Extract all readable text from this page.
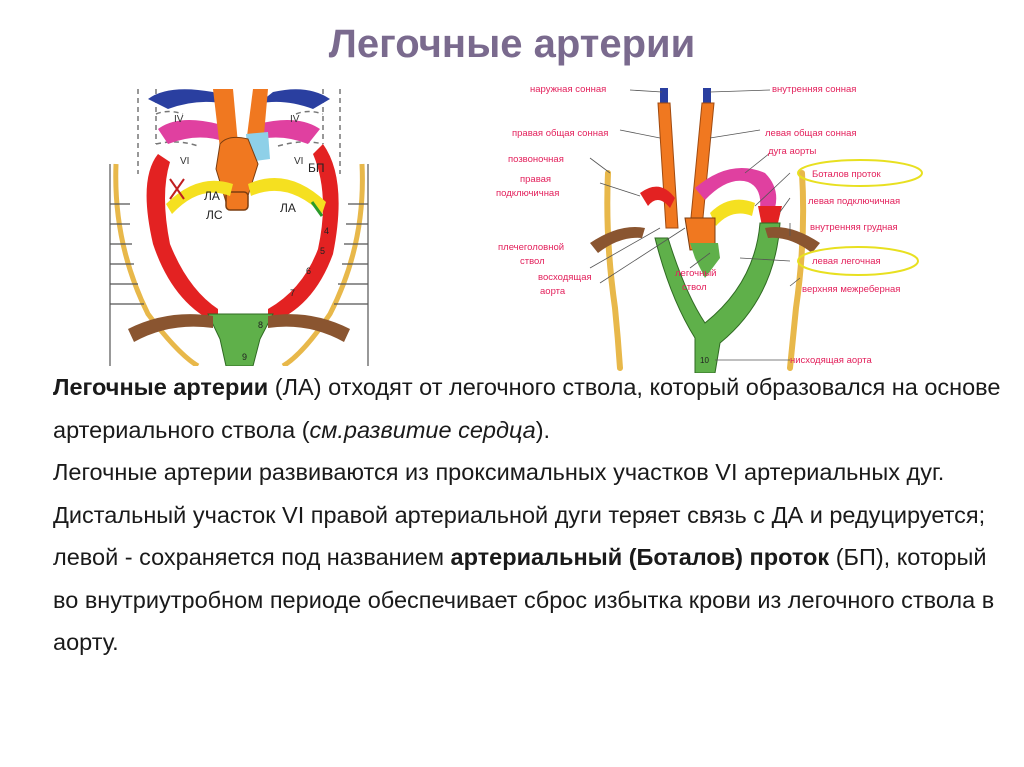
Легочные артерии
IV	IV
VI	VI
ЛА
ЛС	ЛА
БП
8
9
7
6
5
4
наружная сонная	внутренняя сонная
правая общая сонная	левая общая сонная
позвоночная
дуга аорты
правая
подключичная
Боталов проток
левая подключичная
внутренняя грудная
плечеголовной
ствол
восходящая
аорта
легочный
ствол
левая легочная
верхняя межреберная
нисходящая аорта
10

Легочные артерии (ЛА) отходят от легочного ствола, который образовался на основе артериального ствола (см.развитие сердца).

Легочные артерии развиваются из проксимальных участков VI артериальных дуг.

Дистальный участок VI правой артериальной дуги теряет связь с ДА и редуцируется; левой - сохраняется под названием артериальный (Боталов) проток (БП), который во внутриутробном периоде обеспечивает сброс избытка крови из легочного ствола в аорту.
